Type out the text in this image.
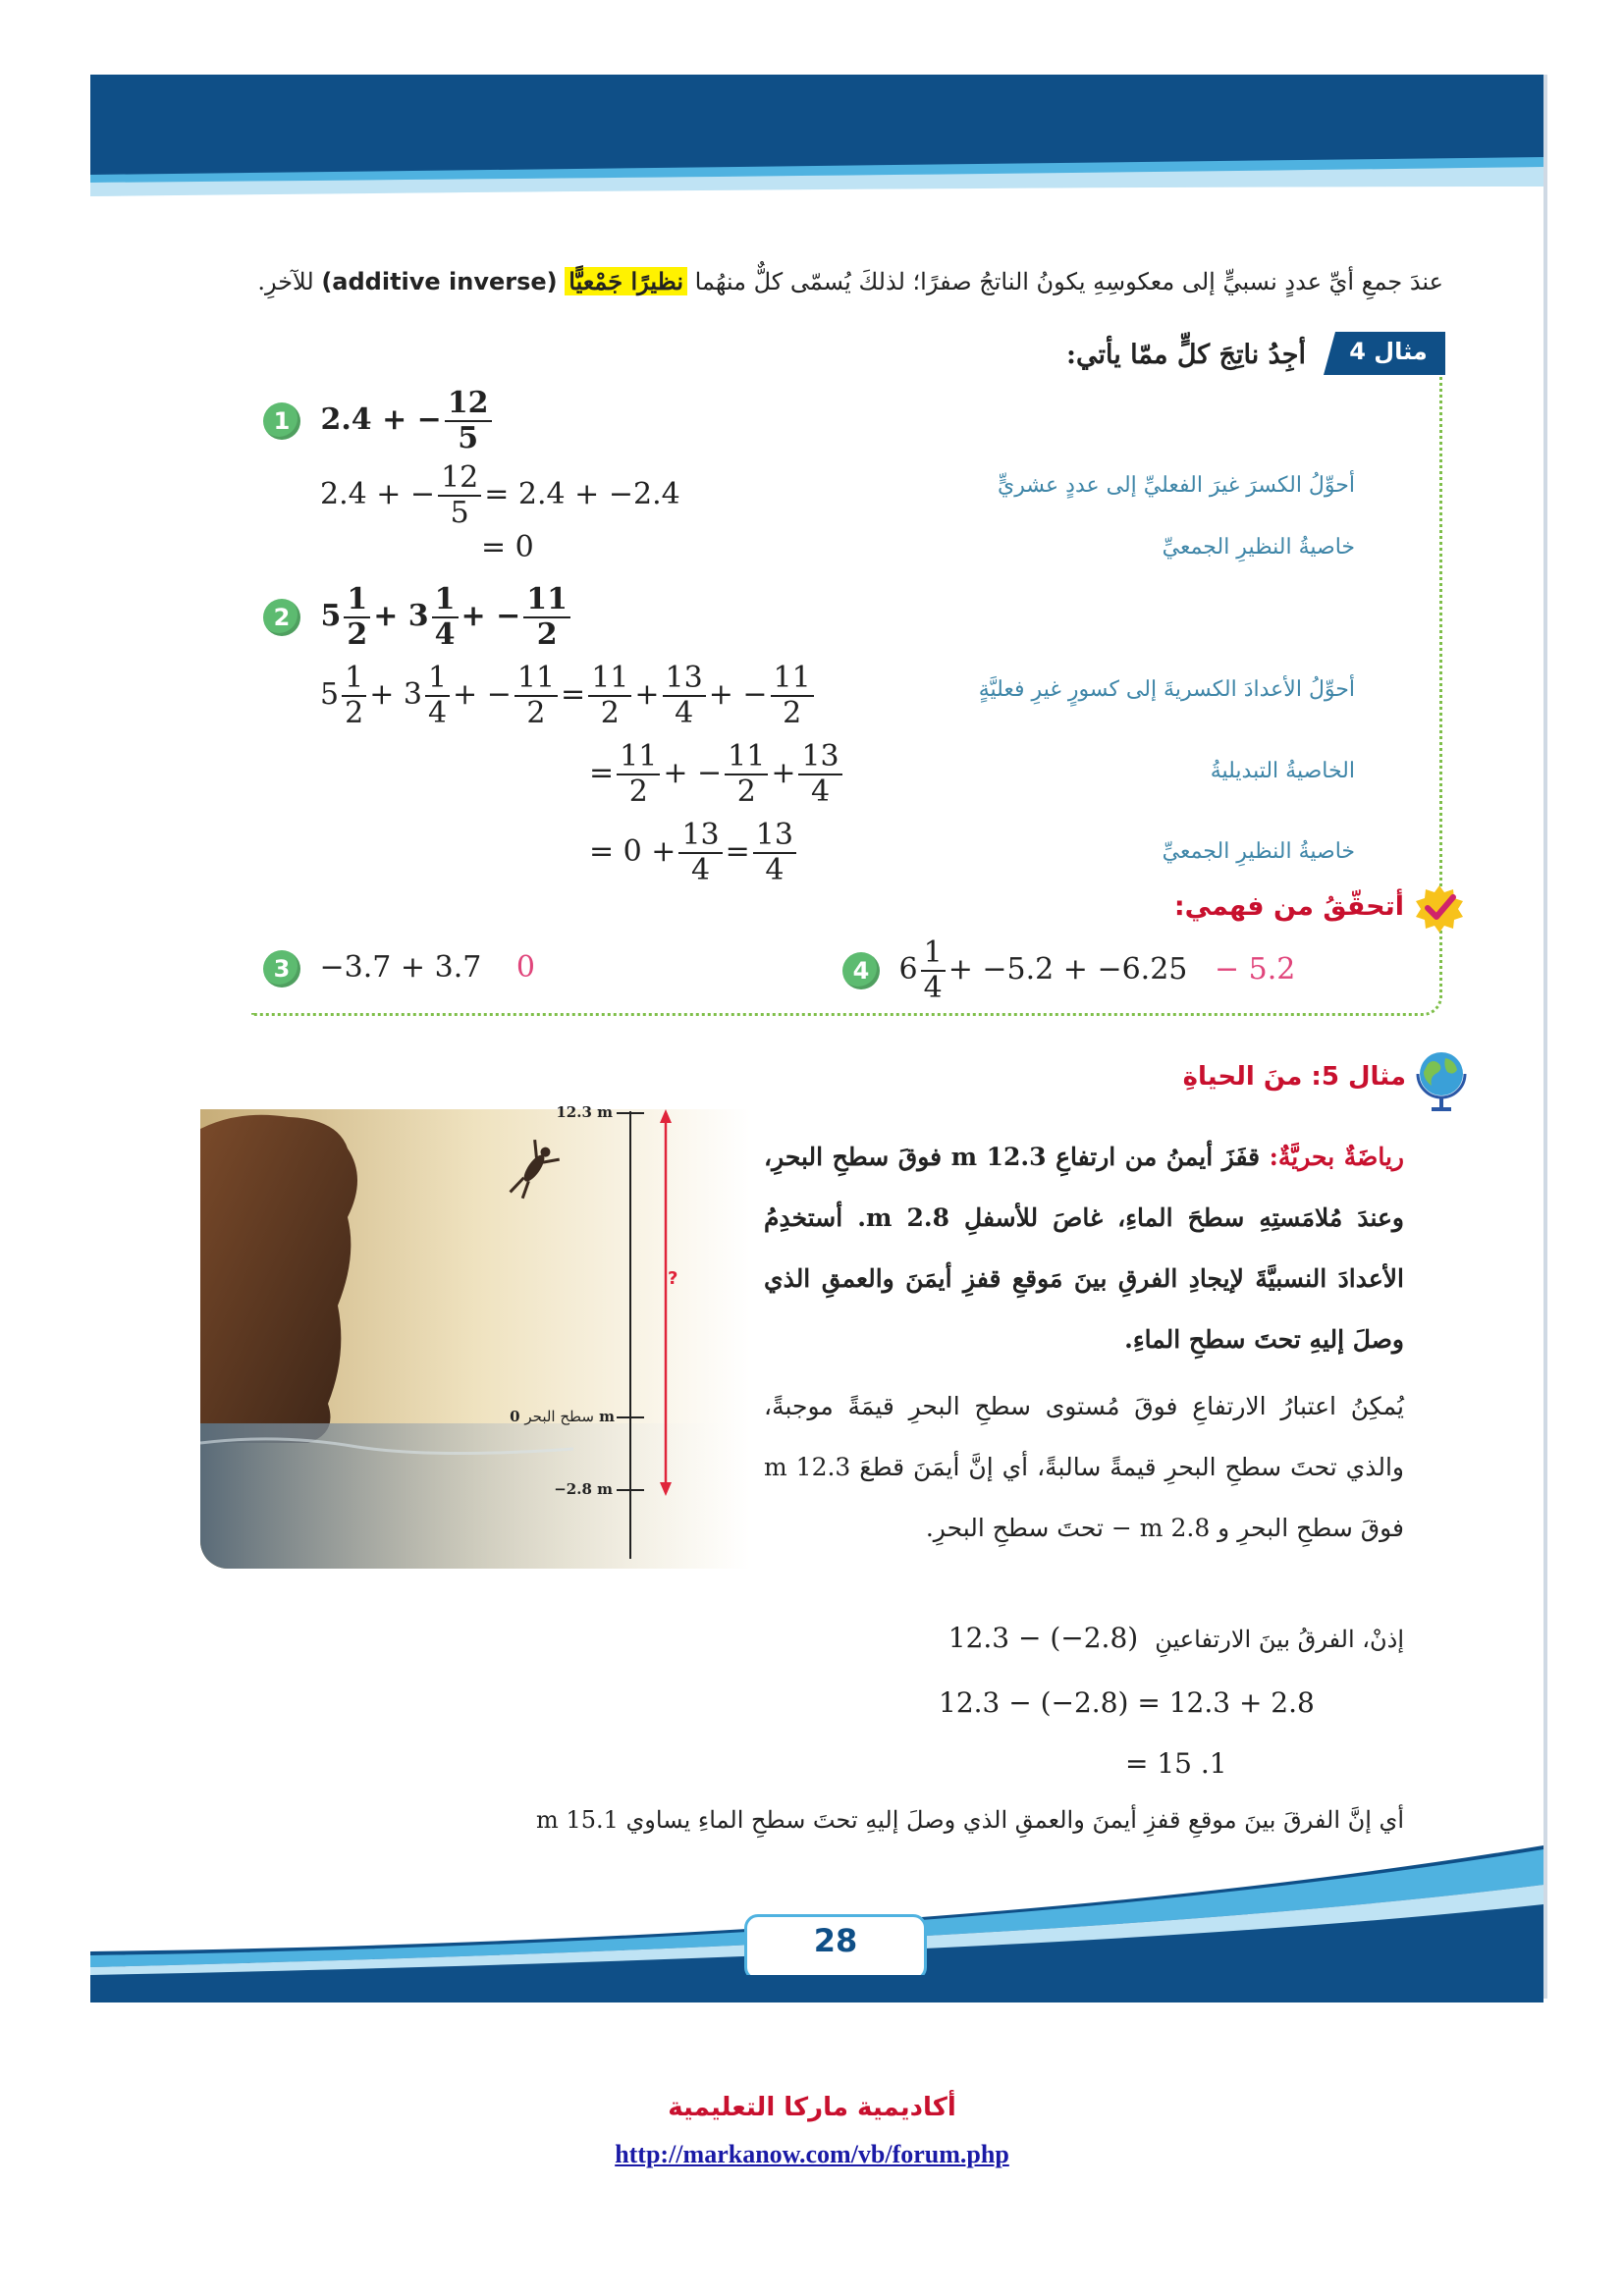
عندَ جمعِ أيِّ عددٍ نسبيٍّ إلى معكوسِهِ يكونُ الناتجُ صفرًا؛ لذلكَ يُسمّى كلٌّ منهُما نظيرًا جَمْعيًّا (additive inverse) للآخرِ.
مثال 4
أجِدُ ناتِجَ كلٍّ ممّا يأتي:
1 2.4 + − $\frac{12}{5}$
2.4 + − $\frac{12}{5} = 2.4 + -2.4$
= 0
أحوِّلُ الكسرَ غيرَ الفعليِّ إلى عددٍ عشريٍّ
خاصيةُ النظيرِ الجمعيِّ
2 $5 \frac{1}{2} + 3 \frac{1}{4}$ + − $\frac{11}{2}$
$5 \frac{1}{2} + 3 \frac{1}{4}$ + − $\frac{11}{2} = \frac{11}{2} + \frac{13}{4}$ + − $\frac{11}{2}$
= $\frac{11}{2}$ + − $\frac{11}{2} + \frac{13}{4}$
= $0 + \frac{13}{4} = \frac{13}{4}$
أحوِّلُ الأعدادَ الكسريةَ إلى كسورٍ غيرِ فعليَّةٍ
الخاصيةُ التبديليةُ
خاصيةُ النظيرِ الجمعيِّ
أتحقّقُ من فهمي:
3 −3.7 + 3.7 0	4 $6 \frac{1}{4} + -5.2 + -6.25 - 5.2$
مثال 5: منَ الحياةِ
12.3 m
سطح البحر 0 m
−2.8 m
?
رياضَةٌ بحريَّةٌ: قفَزَ أيمنُ من ارتفاعِ 12.3 m فوقَ سطحِ البحرِ، وعندَ مُلامَستِهِ سطحَ الماءِ، غاصَ للأسفلِ 2.8 m. أستخدِمُ الأعدادَ النسبيَّةَ لإيجادِ الفرقِ بينَ مَوقعِ قفزِ أيمَنَ والعمقِ الذي وصلَ إليهِ تحتَ سطحِ الماءِ.
يُمكِنُ اعتبارُ الارتفاعِ فوقَ مُستوى سطحِ البحرِ قيمَةً موجبةً، والذي تحتَ سطحِ البحرِ قيمةً سالبةً، أي إنَّ أيمَنَ قطعَ 12.3 m فوقَ سطحِ البحرِ و 2.8 m − تحتَ سطحِ البحرِ.
إذنْ، الفرقُ بينَ الارتفاعينِ 12.3 − (−2.8)
12.3 − (−2.8) = 12.3 + 2.8
= 15 .1
أي إنَّ الفرقَ بينَ موقعِ قفزِ أيمنَ والعمقِ الذي وصلَ إليهِ تحتَ سطحِ الماءِ يساوي 15.1 m
28
أكاديمية ماركا التعليمية
http://markanow.com/vb/forum.php
